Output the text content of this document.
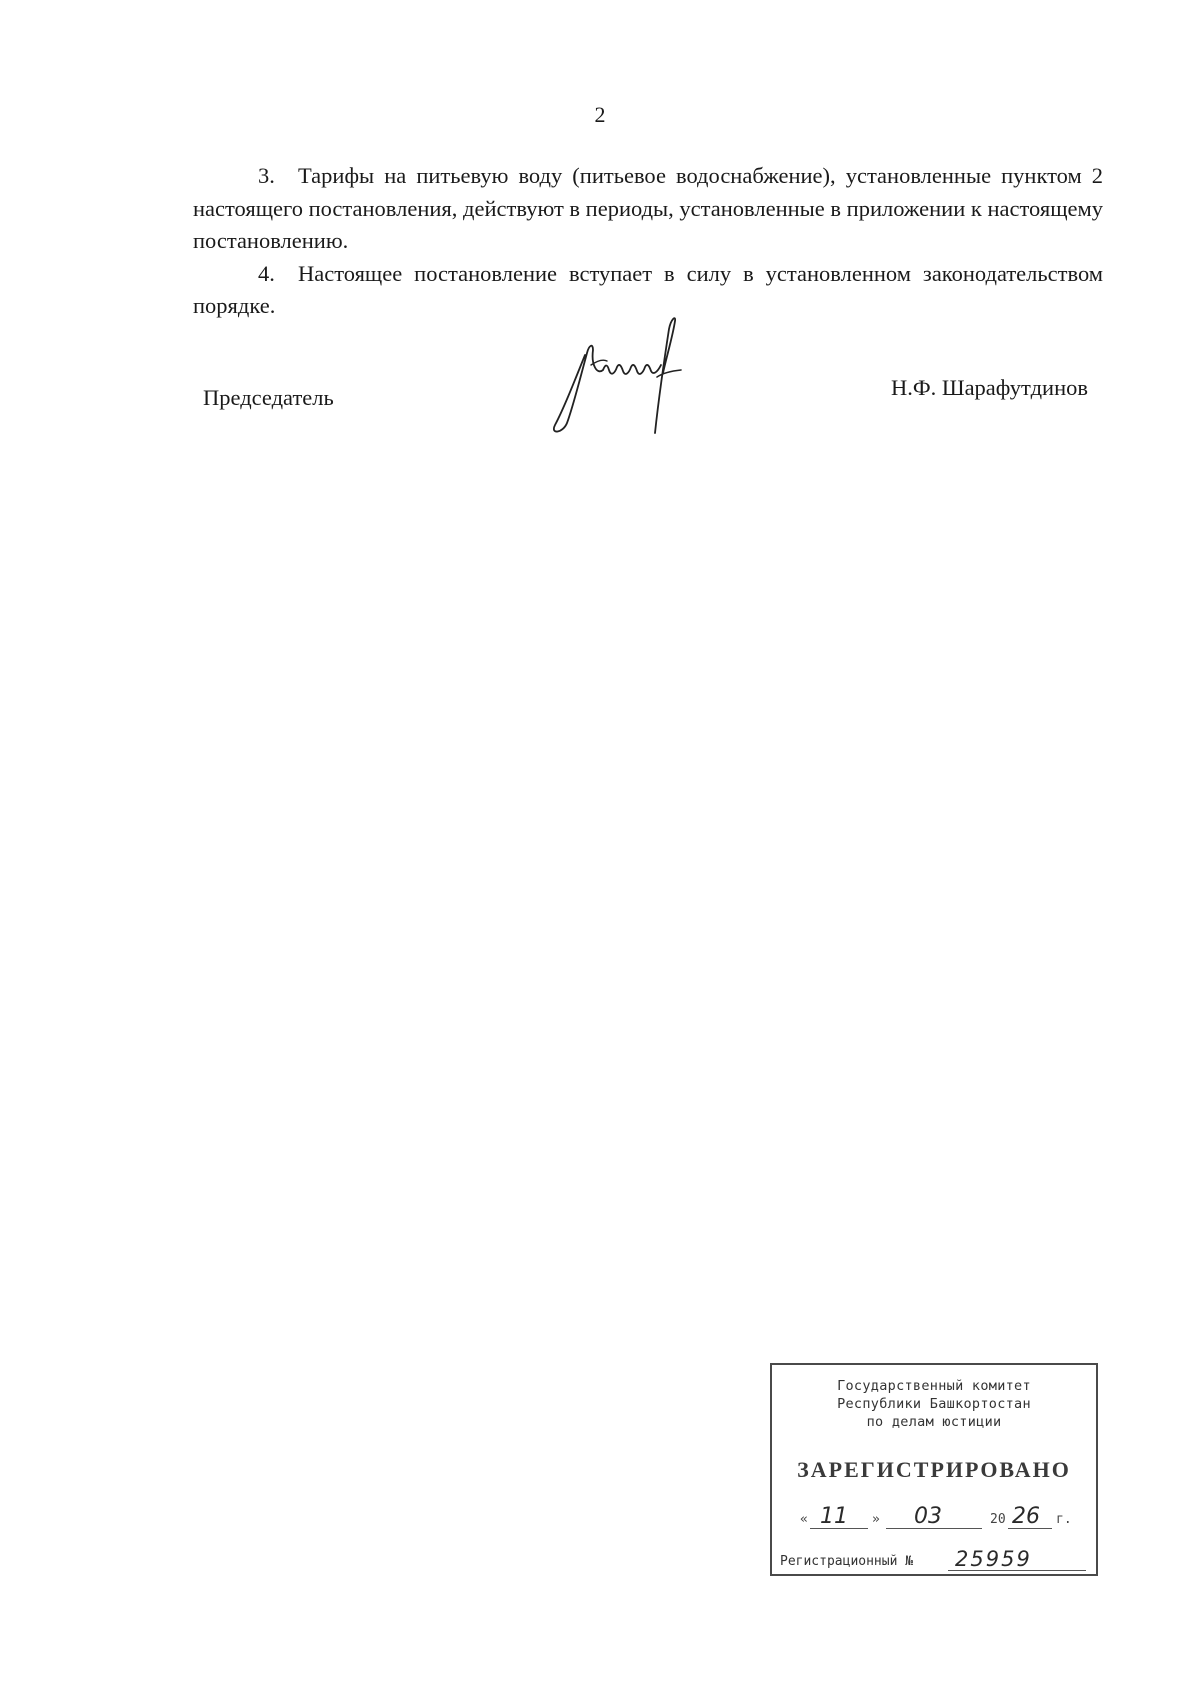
2

3. Тарифы на питьевую воду (питьевое водоснабжение), установленные пунктом 2 настоящего постановления, действуют в периоды, установленные в приложении к настоящему постановлению.

4. Настоящее постановление вступает в силу в установленном законодательством порядке.

Председатель	Н.Ф. Шарафутдинов
Государственный комитет
Республики Башкортостан
по делам юстиции
ЗАРЕГИСТРИРОВАНО
« 11 » 03	20 26 г.
Регистрационный № 25959
